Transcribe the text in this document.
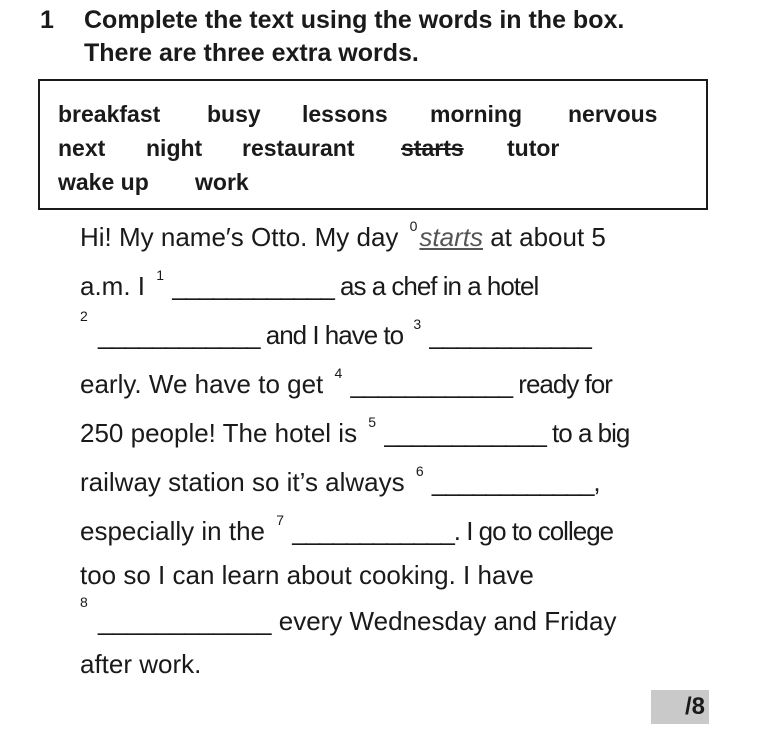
1 Complete the text using the words in the box.
There are three extra words.
breakfast busy lessons morning nervous
next night restaurant starts tutor
wake up work
Hi! My name′s Otto. My day $^0$starts at about 5
a.m. I $^1$ ____________ as a chef in a hotel
2
____________ and I have to $^3$ ____________
early. We have to get $^4$ ____________ ready for
250 people! The hotel is $^5$ ____________ to a big
railway station so it’s always $^6$ ____________,
especially in the $^7$ ____________. I go to college
too so I can learn about cooking. I have
8
____________ every Wednesday and Friday
after work.
/8
